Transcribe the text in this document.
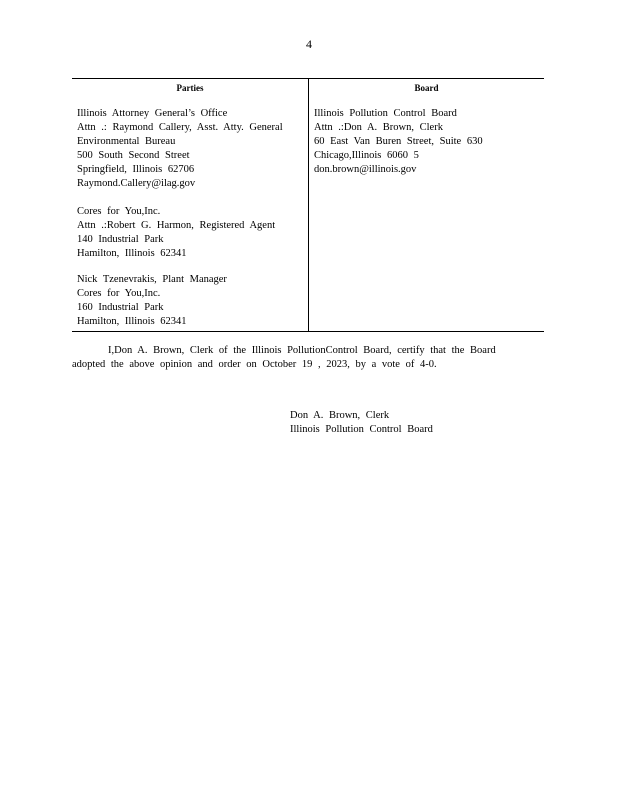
4
Parties
Illinois Attorney General’s Office
Attn .: Raymond Callery, Asst. Atty. General
Environmental Bureau
500 South Second Street
Springfield, Illinois 62706
Raymond.Callery@ilag.gov
Cores for You,Inc.
Attn .:Robert G. Harmon, Registered Agent
140 Industrial Park
Hamilton, Illinois 62341
Nick Tzenevrakis, Plant Manager
Cores for You,Inc.
160 Industrial Park
Hamilton, Illinois 62341
Board
Illinois Pollution Control Board
Attn .:Don A. Brown, Clerk
60 East Van Buren Street, Suite 630
Chicago,Illinois 6060 5
don.brown@illinois.gov
I,Don A. Brown, Clerk of the Illinois PollutionControl Board, certify that the Board
adopted the above opinion and order on October 19 , 2023, by a vote of 4-0.
Don A. Brown, Clerk
Illinois Pollution Control Board
